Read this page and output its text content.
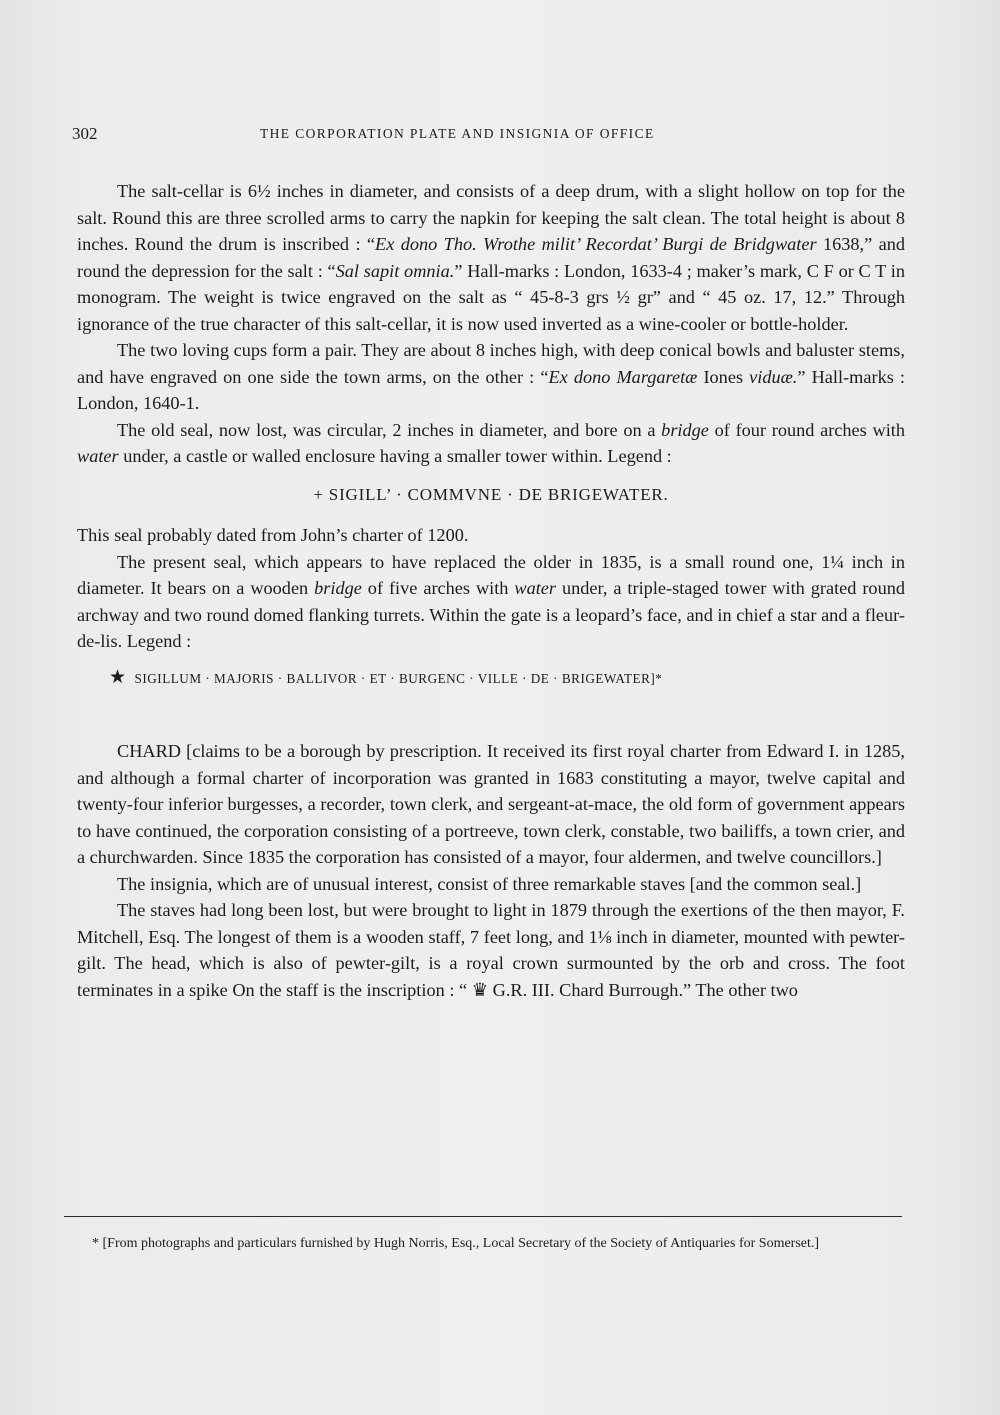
302	THE CORPORATION PLATE AND INSIGNIA OF OFFICE

The salt-cellar is 6½ inches in diameter, and consists of a deep drum, with a slight hollow on top for the salt. Round this are three scrolled arms to carry the napkin for keeping the salt clean. The total height is about 8 inches. Round the drum is inscribed : “Ex dono Tho. Wrothe milit’ Recordat’ Burgi de Bridgwater 1638,” and round the depression for the salt : “Sal sapit omnia.” Hall-marks : London, 1633-4 ; maker’s mark, C F or C T in monogram. The weight is twice engraved on the salt as “ 45-8-3 grs ½ gr” and “ 45 oz. 17, 12.” Through ignorance of the true character of this salt-cellar, it is now used inverted as a wine-cooler or bottle-holder.

The two loving cups form a pair. They are about 8 inches high, with deep conical bowls and baluster stems, and have engraved on one side the town arms, on the other : “Ex dono Margaretæ Iones viduæ.” Hall-marks : London, 1640-1.

The old seal, now lost, was circular, 2 inches in diameter, and bore on a bridge of four round arches with water under, a castle or walled enclosure having a smaller tower within. Legend :

+ SIGILL’ · COMMVNE · DE BRIGEWATER.

This seal probably dated from John’s charter of 1200.

The present seal, which appears to have replaced the older in 1835, is a small round one, 1¼ inch in diameter. It bears on a wooden bridge of five arches with water under, a triple-staged tower with grated round archway and two round domed flanking turrets. Within the gate is a leopard’s face, and in chief a star and a fleur-de-lis. Legend :

★ SIGILLUM · MAJORIS · BALLIVOR · ET · BURGENC · VILLE · DE · BRIGEWATER]*

CHARD [claims to be a borough by prescription. It received its first royal charter from Edward I. in 1285, and although a formal charter of incorporation was granted in 1683 constituting a mayor, twelve capital and twenty-four inferior burgesses, a recorder, town clerk, and sergeant-at-mace, the old form of government appears to have continued, the corporation consisting of a portreeve, town clerk, constable, two bailiffs, a town crier, and a churchwarden. Since 1835 the corporation has consisted of a mayor, four aldermen, and twelve councillors.]

The insignia, which are of unusual interest, consist of three remarkable staves [and the common seal.]

The staves had long been lost, but were brought to light in 1879 through the exertions of the then mayor, F. Mitchell, Esq. The longest of them is a wooden staff, 7 feet long, and 1⅛ inch in diameter, mounted with pewter-gilt. The head, which is also of pewter-gilt, is a royal crown surmounted by the orb and cross. The foot terminates in a spike On the staff is the inscription : “ ♛ G.R. III. Chard Burrough.” The other two

* [From photographs and particulars furnished by Hugh Norris, Esq., Local Secretary of the Society of Antiquaries for Somerset.]
